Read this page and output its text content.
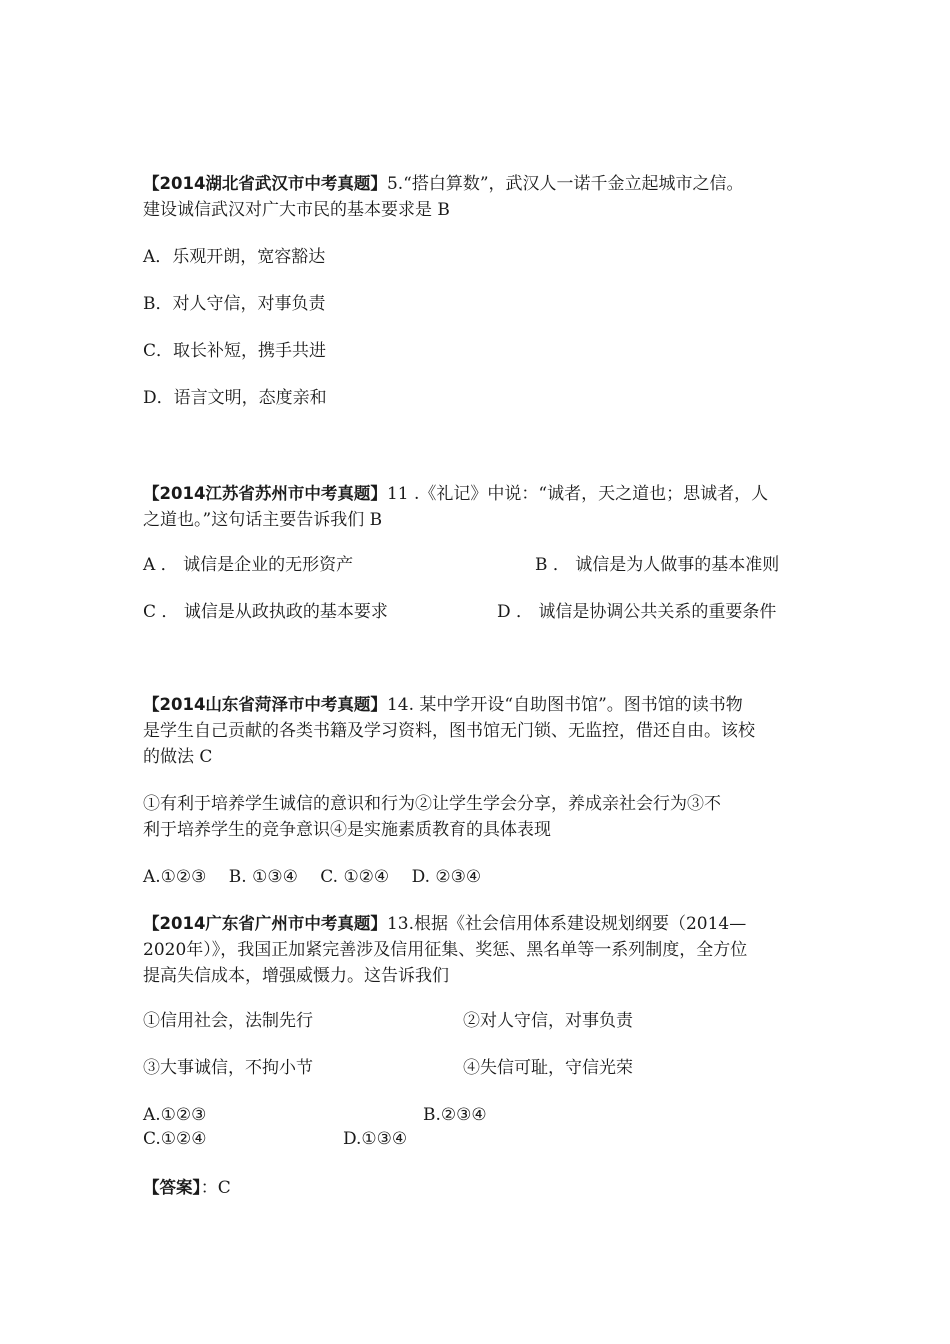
【2014湖北省武汉市中考真题】5.“搭白算数”，武汉人一诺千金立起城市之信。
建设诚信武汉对广大市民的基本要求是 B
A．乐观开朗，宽容豁达
B．对人守信，对事负责
C．取长补短，携手共进
D．语言文明，态度亲和
【2014江苏省苏州市中考真题】11 .《礼记》中说：“诚者，天之道也；思诚者，人
之道也。”这句话主要告诉我们 B
A ． 诚信是企业的无形资产	B ． 诚信是为人做事的基本准则
C ． 诚信是从政执政的基本要求	D ． 诚信是协调公共关系的重要条件
【2014山东省菏泽市中考真题】14. 某中学开设“自助图书馆”。图书馆的读书物
是学生自己贡献的各类书籍及学习资料，图书馆无门锁、无监控，借还自由。该校
的做法 C
①有利于培养学生诚信的意识和行为②让学生学会分享，养成亲社会行为③不
利于培养学生的竞争意识④是实施素质教育的具体表现
A.①②③　 B. ①③④　 C. ①②④　 D. ②③④
【2014广东省广州市中考真题】13.根据《社会信用体系建设规划纲要（2014—
2020年）》，我国正加紧完善涉及信用征集、奖惩、黑名单等一系列制度，全方位
提高失信成本，增强威慑力。这告诉我们
①信用社会，法制先行	②对人守信，对事负责
③大事诚信，不拘小节	④失信可耻，守信光荣
A.①②③	B.②③④
C.①②④	D.①③④
【答案】：C
